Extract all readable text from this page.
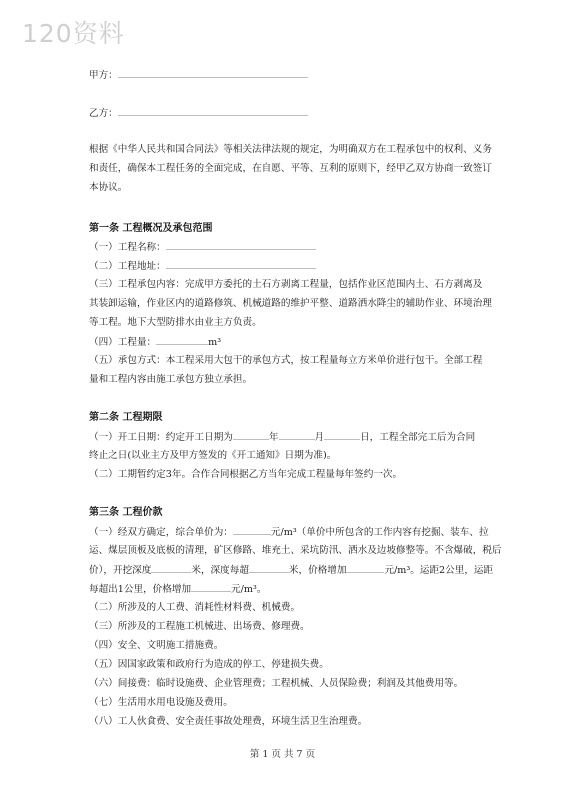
120资料
甲方：
乙方：
根据《中华人民共和国合同法》等相关法律法规的规定，为明确双方在工程承包中的权利、义务
和责任，确保本工程任务的全面完成，在自愿、平等、互利的原则下，经甲乙双方协商一致签订
本协议。
第一条 工程概况及承包范围
（一）工程名称：
（二）工程地址：
（三）工程承包内容：完成甲方委托的土石方剥离工程量，包括作业区范围内土、石方剥离及
其装卸运输，作业区内的道路修筑、机械道路的维护平整、道路洒水降尘的辅助作业、环境治理
等工程。地下大型防排水由业主方负责。
（四）工程量：	m³
（五）承包方式：本工程采用大包干的承包方式，按工程量每立方米单价进行包干。全部工程
量和工程内容由施工承包方独立承担。
第二条 工程期限
（一）开工日期：约定开工日期为	年	月	日，工程全部完工后为合同
终止之日(以业主方及甲方签发的《开工通知》日期为准)。
（二）工期暂约定3年。合作合同根据乙方当年完成工程量每年签约一次。
第三条 工程价款
（一）经双方确定，综合单价为：	元/m³（单价中所包含的工作内容有挖掘、装车、拉
运、煤层顶板及底板的清理，矿区修路、堆充土、采坑防汛、洒水及边坡修整等。不含爆破，税后
价），开挖深度	米，深度每超	米，价格增加	元/m³。运距2公里，运距
每超出1公里，价格增加	元/m³。
（二）所涉及的人工费、消耗性材料费、机械费。
（三）所涉及的工程施工机械进、出场费、修理费。
（四）安全、文明施工措施费。
（五）因国家政策和政府行为造成的停工、停建损失费。
（六）间接费：临时设施费、企业管理费；工程机械、人员保险费；利润及其他费用等。
（七）生活用水用电设施及费用。
（八）工人伙食费、安全责任事故处理费，环境生活卫生治理费。
第 1 页 共 7 页
